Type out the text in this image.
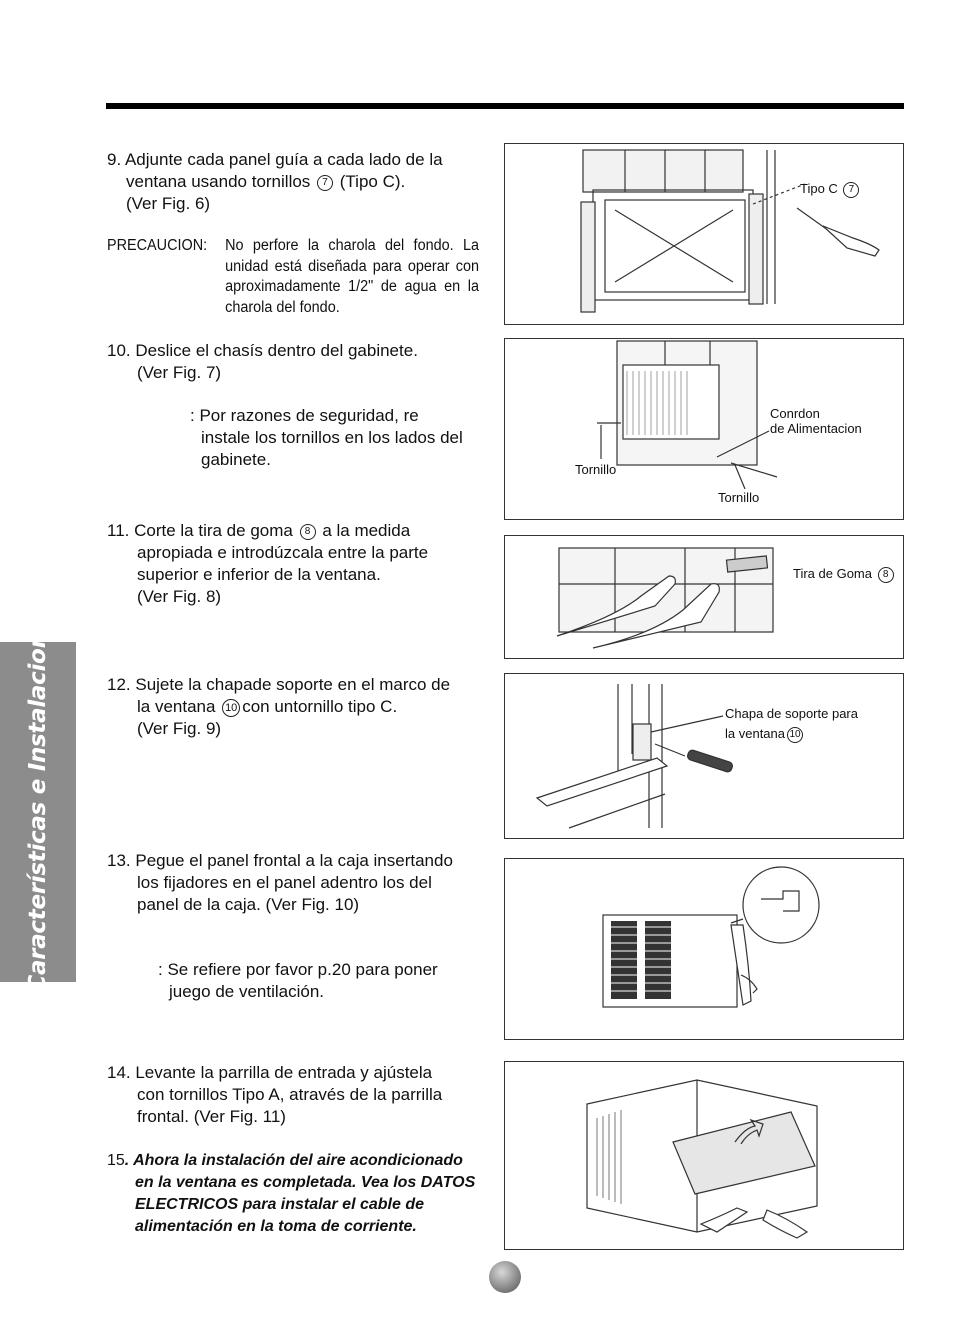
Características e Instalacion

9. Adjunte cada panel guía a cada lado de la

ventana usando tornillos 7 (Tipo C).

(Ver Fig. 6)

PRECAUCION: No perfore la charola del fondo. La unidad está diseñada para operar con aproximadamente 1/2" de agua en la charola del fondo.

10. Deslice el chasís dentro del gabinete.

(Ver Fig. 7)

: Por razones de seguridad, re

instale los tornillos en los lados del

gabinete.

11. Corte la tira de goma 8 a la medida

apropiada e introdúzcala entre la parte

superior e inferior de la ventana.

(Ver Fig. 8)

12. Sujete la chapade soporte en el marco de

la ventana 10 con untornillo tipo C.

(Ver Fig. 9)

13. Pegue el panel frontal a la caja insertando

los fijadores en el panel adentro los del

panel de la caja. (Ver Fig. 10)

: Se refiere por favor p.20 para poner

juego de ventilación.

14. Levante la parrilla de entrada y ajústela

con tornillos Tipo A, através de la parrilla

frontal. (Ver Fig. 11)

15. Ahora la instalación del aire acondicionado
en la ventana es completada. Vea los DATOS
ELECTRICOS para instalar el cable de
alimentación en la toma de corriente.
Tipo C 7
Conrdon
de Alimentacion
Tornillo
Tornillo
Tira de Goma 8
Chapa de soporte para
la ventana 10
